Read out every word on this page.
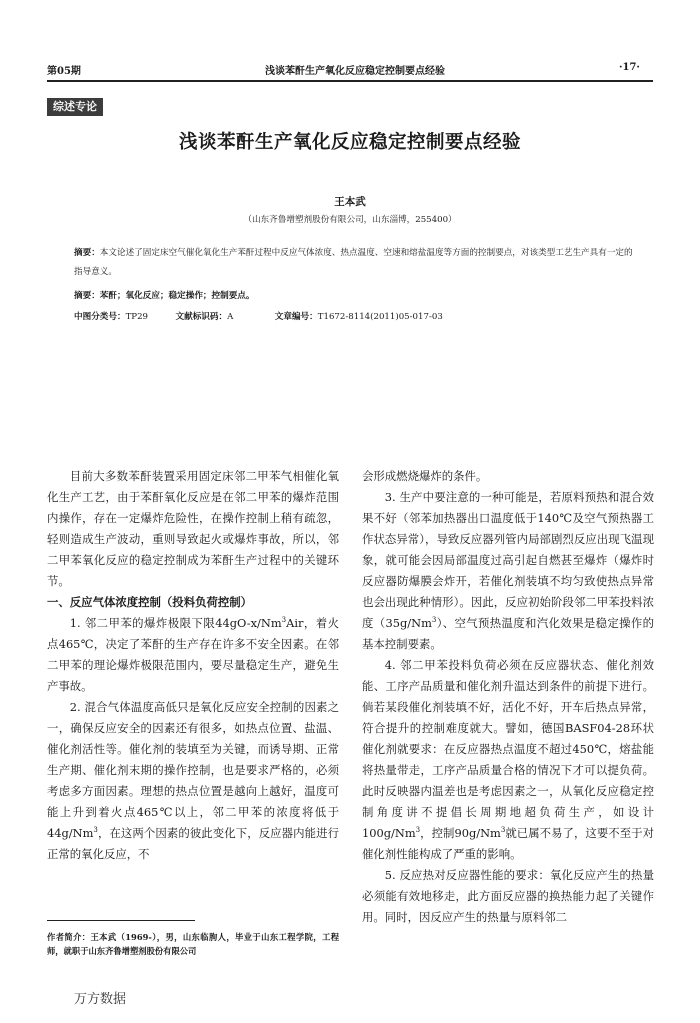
第05期	浅谈苯酐生产氧化反应稳定控制要点经验	·17·
综述专论
浅谈苯酐生产氧化反应稳定控制要点经验
王本武
（山东齐鲁增塑剂股份有限公司，山东淄博，255400）
摘要：本文论述了固定床空气催化氧化生产苯酐过程中反应气体浓度、热点温度、空速和熔盐温度等方面的控制要点，对该类型工艺生产具有一定的指导意义。
摘要：苯酐；氧化反应；稳定操作；控制要点。
中图分类号：TP29	文献标识码：A	文章编号：T1672-8114(2011)05-017-03

目前大多数苯酐装置采用固定床邻二甲苯气相催化氧化生产工艺，由于苯酐氧化反应是在邻二甲苯的爆炸范围内操作，存在一定爆炸危险性，在操作控制上稍有疏忽，轻则造成生产波动，重则导致起火或爆炸事故，所以，邻二甲苯氧化反应的稳定控制成为苯酐生产过程中的关键环节。

一、反应气体浓度控制（投料负荷控制）

1. 邻二甲苯的爆炸极限下限44gO-x/Nm$^3$Air，着火点465℃，决定了苯酐的生产存在许多不安全因素。在邻二甲苯的理论爆炸极限范围内，要尽量稳定生产，避免生产事故。

2. 混合气体温度高低只是氧化反应安全控制的因素之一，确保反应安全的因素还有很多，如热点位置、盐温、催化剂活性等。催化剂的装填至为关键，而诱导期、正常生产期、催化剂末期的操作控制，也是要求严格的，必须考虑多方面因素。理想的热点位置是越向上越好，温度可能上升到着火点465℃以上，邻二甲苯的浓度将低于44g/Nm$^3$，在这两个因素的彼此变化下，反应器内能进行正常的氧化反应，不

会形成燃烧爆炸的条件。

3. 生产中要注意的一种可能是，若原料预热和混合效果不好（邻苯加热器出口温度低于140℃及空气预热器工作状态异常），导致反应器列管内局部剧烈反应出现飞温现象，就可能会因局部温度过高引起自燃甚至爆炸（爆炸时反应器防爆膜会炸开，若催化剂装填不均匀致使热点异常也会出现此种情形）。因此，反应初始阶段邻二甲苯投料浓度（35g/Nm$^3$）、空气预热温度和汽化效果是稳定操作的基本控制要素。

4. 邻二甲苯投料负荷必须在反应器状态、催化剂效能、工序产品质量和催化剂升温达到条件的前提下进行。倘若某段催化剂装填不好，活化不好，开车后热点异常，符合提升的控制难度就大。譬如，德国BASF04-28环状催化剂就要求：在反应器热点温度不超过450℃，熔盐能将热量带走，工序产品质量合格的情况下才可以提负荷。此时反映器内温差也是考虑因素之一，从氧化反应稳定控制角度讲不提倡长周期地超负荷生产，如设计100g/Nm$^3$，控制90g/Nm$^3$就已属不易了，这要不至于对催化剂性能构成了严重的影响。

5. 反应热对反应器性能的要求：氧化反应产生的热量必须能有效地移走，此方面反应器的换热能力起了关键作用。同时，因反应产生的热量与原料邻二

作者简介：王本武（1969-），男，山东临朐人，毕业于山东工程学院，工程师，就职于山东齐鲁增塑剂股份有限公司
万方数据
